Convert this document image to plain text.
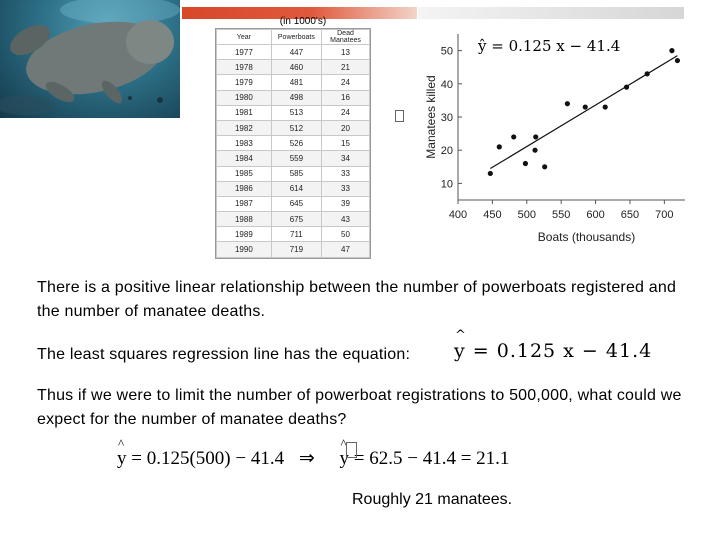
(in 1000's)
Year	Powerboats	Dead Manatees
1977	447	13
1978	460	21
1979	481	24
1980	498	16
1981	513	24
1982	512	20
1983	526	15
1984	559	34
1985	585	33
1986	614	33
1987	645	39
1988	675	43
1989	711	50
1990	719	47
10
20
30
40
50
400 450 500 550 600 650 700
Boats (thousands)
Manatees killed
ŷ = 0.125 x − 41.4
There is a positive linear relationship between the number of powerboats registered and the number of manatee deaths.
The least squares regression line has the equation: ^ y = 0.125 x − 41.4
Thus if we were to limit the number of powerboat registrations to 500,000, what could we expect for the number of manatee deaths?
^ y = 0.125(500) − 41.4 ⇒ ^ y = 62.5 − 41.4 = 21.1
Roughly 21 manatees.
